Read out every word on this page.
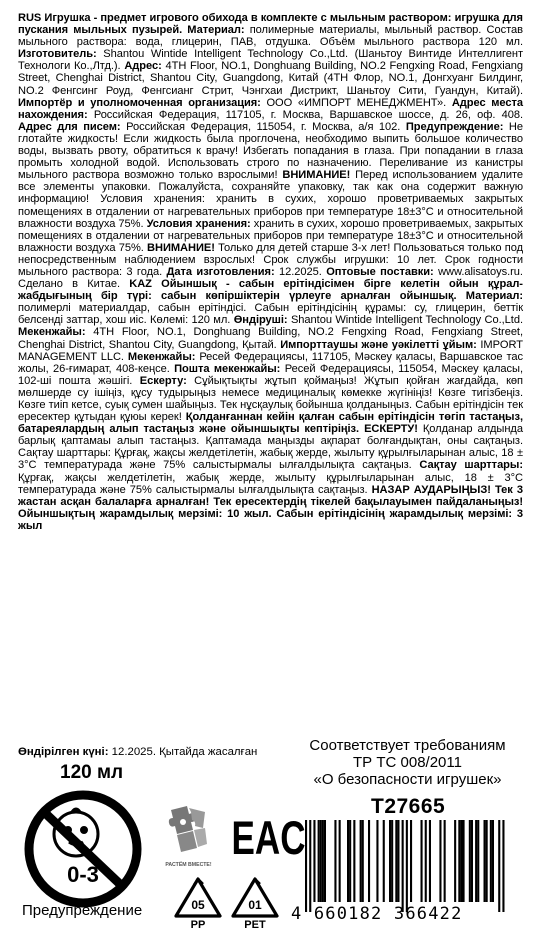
RUS Игрушка - предмет игрового обихода в комплекте с мыльным раствором: игрушка для пускания мыльных пузырей. Материал: полимерные материалы, мыльный раствор. Состав мыльного раствора: вода, глицерин, ПАВ, отдушка. Объём мыльного раствора 120 мл. Изготовитель: Shantou Wintide Intelligent Technology Co.,Ltd. (Шаньтоу Винтиде Интеллигент Технологи Ко.,Лтд.). Адрес: 4TH Floor, NO.1, Donghuang Building, NO.2 Fengxing Road, Fengxiang Street, Chenghai District, Shantou City, Guangdong, Китай (4TH Флор, NO.1, Донгхуанг Билдинг, NO.2 Фенгсинг Роуд, Фенгсианг Стрит, Чэнгхаи Дистрикт, Шаньтоу Сити, Гуандун, Китай). Импортёр и уполномоченная организация: ООО «ИМПОРТ МЕНЕДЖМЕНТ». Адрес места нахождения: Российская Федерация, 117105, г. Москва, Варшавское шоссе, д. 26, оф. 408. Адрес для писем: Российская Федерация, 115054, г. Москва, а/я 102. Предупреждение: Не глотайте жидкость! Если жидкость была проглочена, необходимо выпить большое количество воды, вызвать рвоту, обратиться к врачу! Избегать попадания в глаза. При попадании в глаза промыть холодной водой. Использовать строго по назначению. Переливание из канистры мыльного раствора возможно только взрослыми! ВНИМАНИЕ! Перед использованием удалите все элементы упаковки. Пожалуйста, сохраняйте упаковку, так как она содержит важную информацию! Условия хранения: хранить в сухих, хорошо проветриваемых закрытых помещениях в отдалении от нагревательных приборов при температуре 18±3°С и относительной влажности воздуха 75%. Условия хранения: хранить в сухих, хорошо проветриваемых, закрытых помещениях в отдалении от нагревательных приборов при температуре 18±3°С и относительной влажности воздуха 75%. ВНИМАНИЕ! Только для детей старше 3-х лет! Пользоваться только под непосредственным наблюдением взрослых! Срок службы игрушки: 10 лет. Срок годности мыльного раствора: 3 года. Дата изготовления: 12.2025. Оптовые поставки: www.alisatoys.ru. Сделано в Китае. KAZ Ойыншық - сабын ерітіндісімен бірге келетін ойын құрал-жабдығының бір түрі: сабын көпіршіктерін үрлеуге арналған ойыншық. Материал: полимерлі материалдар, сабын ерітіндісі. Сабын ерітіндісінің құрамы: су, глицерин, беттік белсенді заттар, хош иіс. Көлемі: 120 мл. Өндіруші: Shantou Wintide Intelligent Technology Co.,Ltd. Мекенжайы: 4TH Floor, NO.1, Donghuang Building, NO.2 Fengxing Road, Fengxiang Street, Chenghai District, Shantou City, Guangdong, Қытай. Импорттаушы және уәкілетті ұйым: IMPORT MANAGEMENT LLC. Мекенжайы: Ресей Федерациясы, 117105, Мәскеу қаласы, Варшавское тас жолы, 26-ғимарат, 408-кеңсе. Пошта мекенжайы: Ресей Федерациясы, 115054, Мәскеу қаласы, 102-ші пошта жәшігі. Ескерту: Сұйықтықты жұтып қоймаңыз! Жұтып қойған жағдайда, көп мөлшерде су ішіңіз, құсу тудырыңыз немесе медициналық көмекке жүгініңіз! Көзге тигізбеңіз. Көзге тиіп кетсе, суық сумен шайыңыз. Тек нұсқаулық бойынша қолданыңыз. Сабын ерітіндісін тек ересектер құтыдан құюы керек! Қолданғаннан кейін қалған сабын ерітіндісін төгіп тастаңыз, батареялардың алып тастаңыз және ойыншықты кептіріңіз. ЕСКЕРТУ! Қолданар алдында барлық қаптамаы алып тастаңыз. Қаптамада маңызды ақпарат болғандықтан, оны сақтаңыз. Сақтау шарттары: Құрғақ, жақсы желдетілетін, жабық жерде, жылыту құрылғыларынан алыс, 18 ± 3°C температурада және 75% салыстырмалы ылғалдылықта сақтаңыз. Сақтау шарттары: Құрғақ, жақсы желдетілетін, жабық жерде, жылыту құрылғыларынан алыс, 18 ± 3°C температурада және 75% салыстырмалы ылғалдылықта сақтаңыз. НАЗАР АУДАРЫҢЫЗ! Тек 3 жастан асқан балаларға арналған! Тек ересектердің тікелей бақылауымен пайдаланыңыз! Ойыншықтың жарамдылық мерзімі: 10 жыл. Сабын ерітіндісінің жарамдылық мерзімі: 3 жыл

Өндірілген күні: 12.2025. Қытайда жасалған
120 мл
0-3
Предупреждение
Соответствует требованиям
ТР ТС 008/2011
«О безопасности игрушек»
T27665
РАСТЁМ ВМЕСТЕ!
EAC
05
PP
01
PET
4 660182 366422
